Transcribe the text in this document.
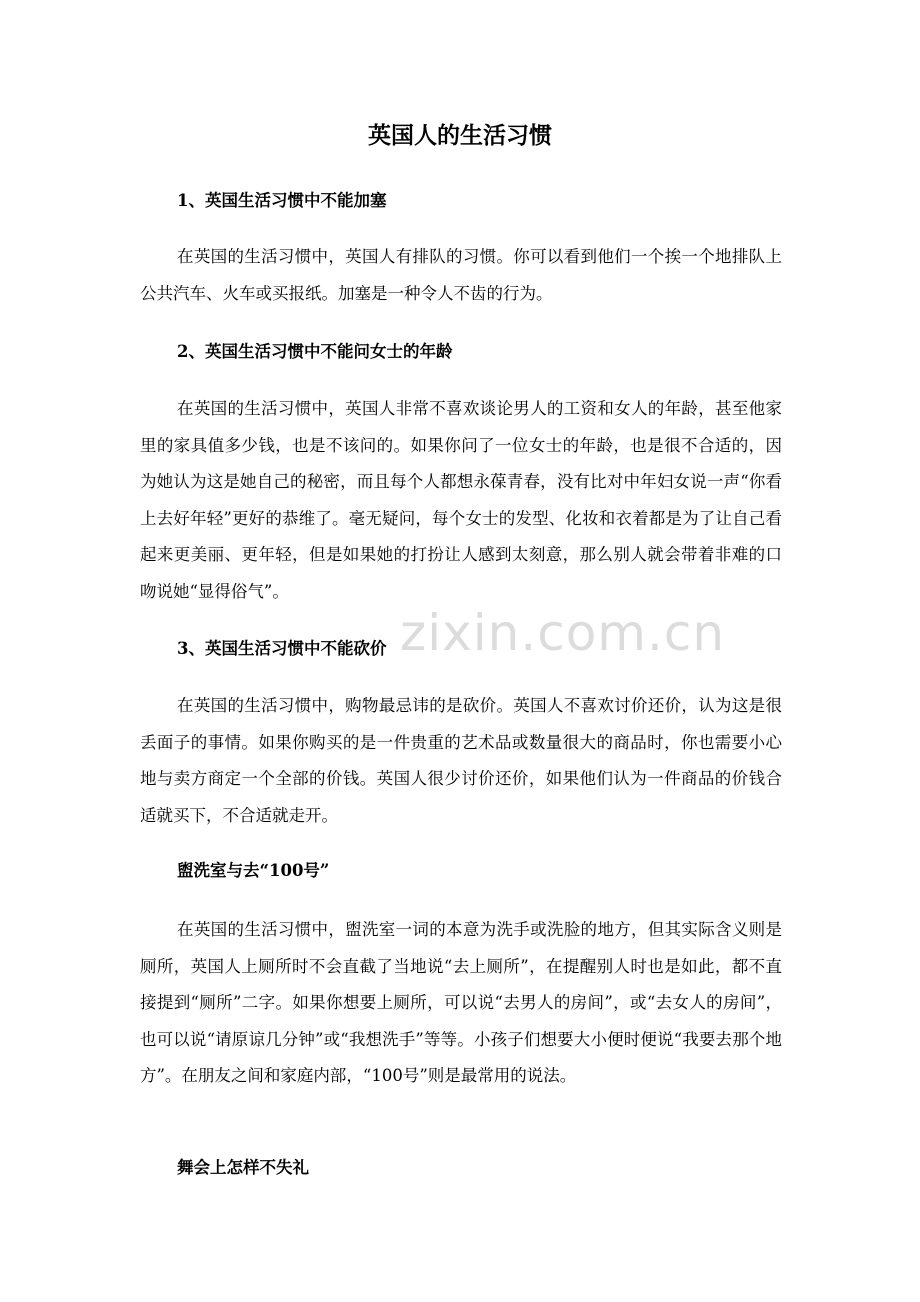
zixin.com.cn
英国人的生活习惯
1、英国生活习惯中不能加塞

在英国的生活习惯中，英国人有排队的习惯。你可以看到他们一个挨一个地排队上公共汽车、火车或买报纸。加塞是一种令人不齿的行为。

2、英国生活习惯中不能问女士的年龄

在英国的生活习惯中，英国人非常不喜欢谈论男人的工资和女人的年龄，甚至他家里的家具值多少钱，也是不该问的。如果你问了一位女士的年龄，也是很不合适的，因为她认为这是她自己的秘密，而且每个人都想永葆青春，没有比对中年妇女说一声“你看上去好年轻”更好的恭维了。毫无疑问，每个女士的发型、化妆和衣着都是为了让自己看起来更美丽、更年轻，但是如果她的打扮让人感到太刻意，那么别人就会带着非难的口吻说她“显得俗气”。

3、英国生活习惯中不能砍价

在英国的生活习惯中，购物最忌讳的是砍价。英国人不喜欢讨价还价，认为这是很丢面子的事情。如果你购买的是一件贵重的艺术品或数量很大的商品时，你也需要小心地与卖方商定一个全部的价钱。英国人很少讨价还价，如果他们认为一件商品的价钱合适就买下，不合适就走开。

盥洗室与去“100号”

在英国的生活习惯中，盥洗室一词的本意为洗手或洗脸的地方，但其实际含义则是厕所，英国人上厕所时不会直截了当地说“去上厕所”，在提醒别人时也是如此，都不直接提到“厕所”二字。如果你想要上厕所，可以说“去男人的房间”，或“去女人的房间”，也可以说“请原谅几分钟”或“我想洗手”等等。小孩子们想要大小便时便说“我要去那个地方”。在朋友之间和家庭内部，“100号”则是最常用的说法。

舞会上怎样不失礼
